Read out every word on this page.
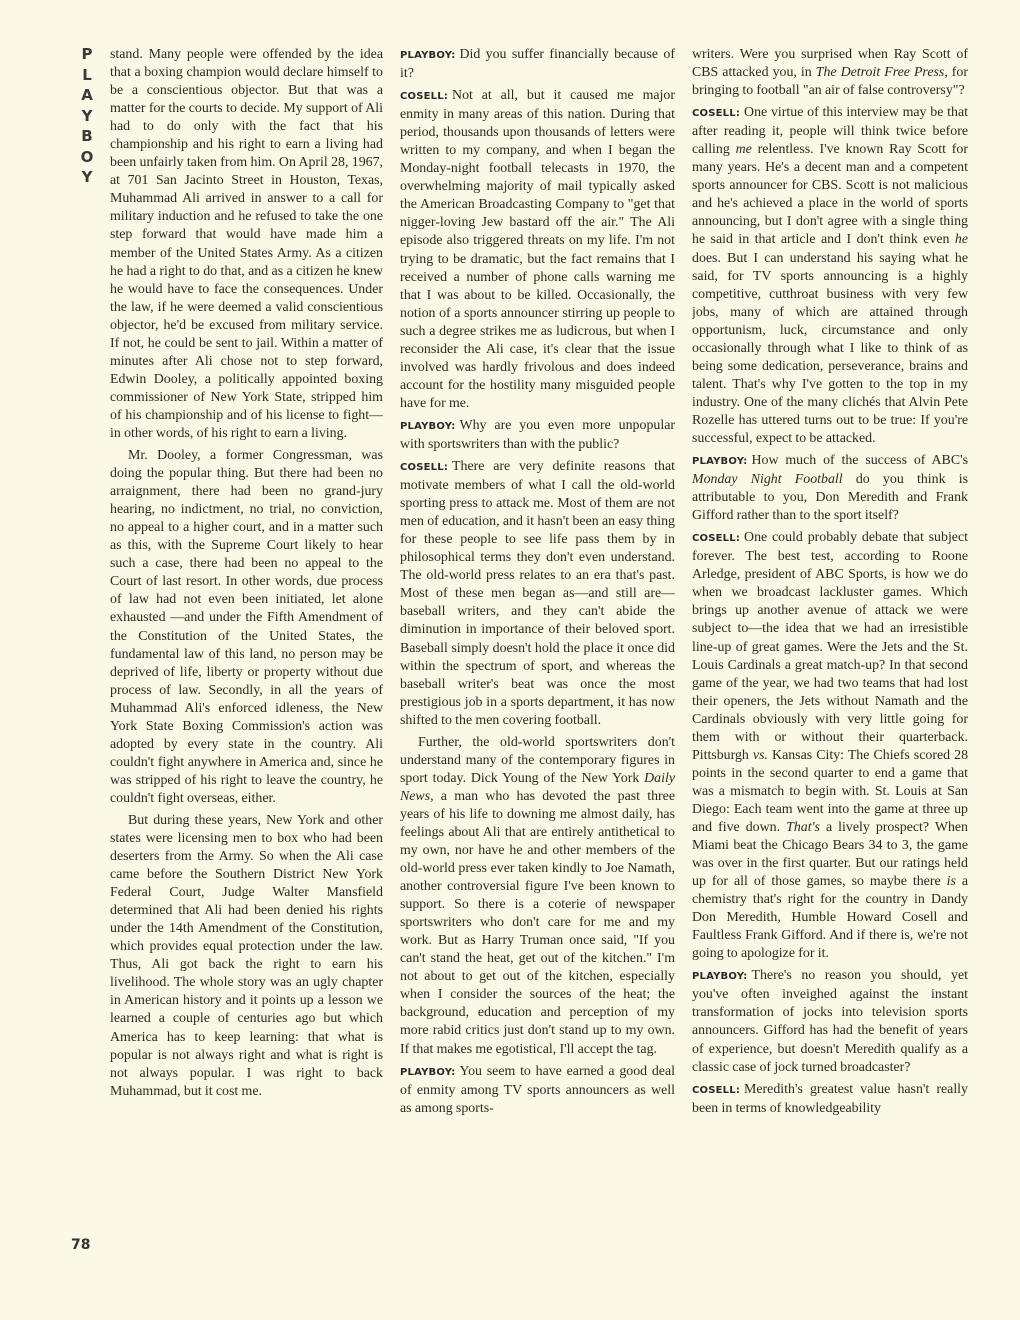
P
L
A
Y
B
O
Y
78

stand. Many people were offended by the idea that a boxing champion would declare himself to be a conscientious objector. But that was a matter for the courts to decide. My support of Ali had to do only with the fact that his championship and his right to earn a living had been unfairly taken from him. On April 28, 1967, at 701 San Jacinto Street in Houston, Texas, Muhammad Ali arrived in answer to a call for military induction and he refused to take the one step forward that would have made him a member of the United States Army. As a citizen he had a right to do that, and as a citizen he knew he would have to face the consequences. Under the law, if he were deemed a valid conscientious objector, he'd be excused from military service. If not, he could be sent to jail. Within a matter of minutes after Ali chose not to step forward, Edwin Dooley, a politically appointed boxing commissioner of New York State, stripped him of his championship and of his license to fight—in other words, of his right to earn a living.

Mr. Dooley, a former Congressman, was doing the popular thing. But there had been no arraignment, there had been no grand-jury hearing, no indictment, no trial, no conviction, no appeal to a higher court, and in a matter such as this, with the Supreme Court likely to hear such a case, there had been no appeal to the Court of last resort. In other words, due process of law had not even been initiated, let alone exhausted —and under the Fifth Amendment of the Constitution of the United States, the fundamental law of this land, no person may be deprived of life, liberty or property without due process of law. Secondly, in all the years of Muhammad Ali's enforced idleness, the New York State Boxing Commission's action was adopted by every state in the country. Ali couldn't fight anywhere in America and, since he was stripped of his right to leave the country, he couldn't fight overseas, either.

But during these years, New York and other states were licensing men to box who had been deserters from the Army. So when the Ali case came before the Southern District New York Federal Court, Judge Walter Mansfield determined that Ali had been denied his rights under the 14th Amendment of the Constitution, which provides equal protection under the law. Thus, Ali got back the right to earn his livelihood. The whole story was an ugly chapter in American history and it points up a lesson we learned a couple of centuries ago but which America has to keep learning: that what is popular is not always right and what is right is not always popular. I was right to back Muhammad, but it cost me.

PLAYBOY: Did you suffer financially because of it?

COSELL: Not at all, but it caused me major enmity in many areas of this nation. During that period, thousands upon thousands of letters were written to my company, and when I began the Monday-night football telecasts in 1970, the overwhelming majority of mail typically asked the American Broadcasting Company to "get that nigger-loving Jew bastard off the air." The Ali episode also triggered threats on my life. I'm not trying to be dramatic, but the fact remains that I received a number of phone calls warning me that I was about to be killed. Occasionally, the notion of a sports announcer stirring up people to such a degree strikes me as ludicrous, but when I reconsider the Ali case, it's clear that the issue involved was hardly frivolous and does indeed account for the hostility many misguided people have for me.

PLAYBOY: Why are you even more unpopular with sportswriters than with the public?

COSELL: There are very definite reasons that motivate members of what I call the old-world sporting press to attack me. Most of them are not men of education, and it hasn't been an easy thing for these people to see life pass them by in philosophical terms they don't even understand. The old-world press relates to an era that's past. Most of these men began as—and still are—baseball writers, and they can't abide the diminution in importance of their beloved sport. Baseball simply doesn't hold the place it once did within the spectrum of sport, and whereas the baseball writer's beat was once the most prestigious job in a sports department, it has now shifted to the men covering football.

Further, the old-world sportswriters don't understand many of the contemporary figures in sport today. Dick Young of the New York Daily News, a man who has devoted the past three years of his life to downing me almost daily, has feelings about Ali that are entirely antithetical to my own, nor have he and other members of the old-world press ever taken kindly to Joe Namath, another controversial figure I've been known to support. So there is a coterie of newspaper sportswriters who don't care for me and my work. But as Harry Truman once said, "If you can't stand the heat, get out of the kitchen." I'm not about to get out of the kitchen, especially when I consider the sources of the heat; the background, education and perception of my more rabid critics just don't stand up to my own. If that makes me egotistical, I'll accept the tag.

PLAYBOY: You seem to have earned a good deal of enmity among TV sports announcers as well as among sports-

writers. Were you surprised when Ray Scott of CBS attacked you, in The Detroit Free Press, for bringing to football "an air of false controversy"?

COSELL: One virtue of this interview may be that after reading it, people will think twice before calling me relentless. I've known Ray Scott for many years. He's a decent man and a competent sports announcer for CBS. Scott is not malicious and he's achieved a place in the world of sports announcing, but I don't agree with a single thing he said in that article and I don't think even he does. But I can understand his saying what he said, for TV sports announcing is a highly competitive, cutthroat business with very few jobs, many of which are attained through opportunism, luck, circumstance and only occasionally through what I like to think of as being some dedication, perseverance, brains and talent. That's why I've gotten to the top in my industry. One of the many clichés that Alvin Pete Rozelle has uttered turns out to be true: If you're successful, expect to be attacked.

PLAYBOY: How much of the success of ABC's Monday Night Football do you think is attributable to you, Don Meredith and Frank Gifford rather than to the sport itself?

COSELL: One could probably debate that subject forever. The best test, according to Roone Arledge, president of ABC Sports, is how we do when we broadcast lackluster games. Which brings up another avenue of attack we were subject to—the idea that we had an irresistible line-up of great games. Were the Jets and the St. Louis Cardinals a great match-up? In that second game of the year, we had two teams that had lost their openers, the Jets without Namath and the Cardinals obviously with very little going for them with or without their quarterback. Pittsburgh vs. Kansas City: The Chiefs scored 28 points in the second quarter to end a game that was a mismatch to begin with. St. Louis at San Diego: Each team went into the game at three up and five down. That's a lively prospect? When Miami beat the Chicago Bears 34 to 3, the game was over in the first quarter. But our ratings held up for all of those games, so maybe there is a chemistry that's right for the country in Dandy Don Meredith, Humble Howard Cosell and Faultless Frank Gifford. And if there is, we're not going to apologize for it.

PLAYBOY: There's no reason you should, yet you've often inveighed against the instant transformation of jocks into television sports announcers. Gifford has had the benefit of years of experience, but doesn't Meredith qualify as a classic case of jock turned broadcaster?

COSELL: Meredith's greatest value hasn't really been in terms of knowledgeability
